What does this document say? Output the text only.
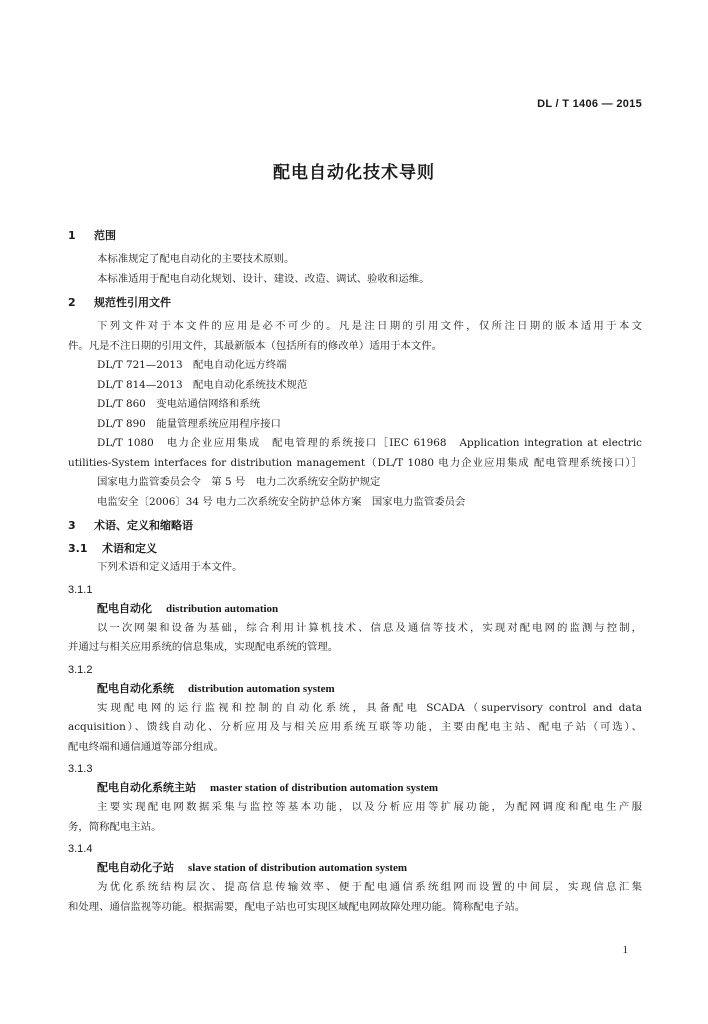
DL / T 1406 — 2015
配电自动化技术导则
1 范围
本标准规定了配电自动化的主要技术原则。
本标准适用于配电自动化规划、设计、建设、改造、调试、验收和运维。
2 规范性引用文件
下列文件对于本文件的应用是必不可少的。凡是注日期的引用文件，仅所注日期的版本适用于本文
件。凡是不注日期的引用文件，其最新版本（包括所有的修改单）适用于本文件。
DL/T 721—2013　配电自动化远方终端
DL/T 814—2013　配电自动化系统技术规范
DL/T 860　变电站通信网络和系统
DL/T 890　能量管理系统应用程序接口
DL/T 1080　电力企业应用集成　配电管理的系统接口［IEC 61968　Application integration at electric
utilities-System interfaces for distribution management（DL/T 1080 电力企业应用集成 配电管理系统接口）］
国家电力监管委员会令　第 5 号　电力二次系统安全防护规定
电监安全〔2006〕34 号 电力二次系统安全防护总体方案　国家电力监管委员会
3 术语、定义和缩略语
3.1 术语和定义
下列术语和定义适用于本文件。
3.1.1
配电自动化 distribution automation
以一次网架和设备为基础，综合利用计算机技术、信息及通信等技术，实现对配电网的监测与控制，
并通过与相关应用系统的信息集成，实现配电系统的管理。
3.1.2
配电自动化系统 distribution automation system
实现配电网的运行监视和控制的自动化系统，具备配电 SCADA（supervisory control and data
acquisition）、馈线自动化、分析应用及与相关应用系统互联等功能，主要由配电主站、配电子站（可选）、
配电终端和通信通道等部分组成。
3.1.3
配电自动化系统主站 master station of distribution automation system
主要实现配电网数据采集与监控等基本功能，以及分析应用等扩展功能，为配网调度和配电生产服
务，简称配电主站。
3.1.4
配电自动化子站 slave station of distribution automation system
为优化系统结构层次、提高信息传输效率、便于配电通信系统组网而设置的中间层，实现信息汇集
和处理、通信监视等功能。根据需要，配电子站也可实现区域配电网故障处理功能。简称配电子站。
1
